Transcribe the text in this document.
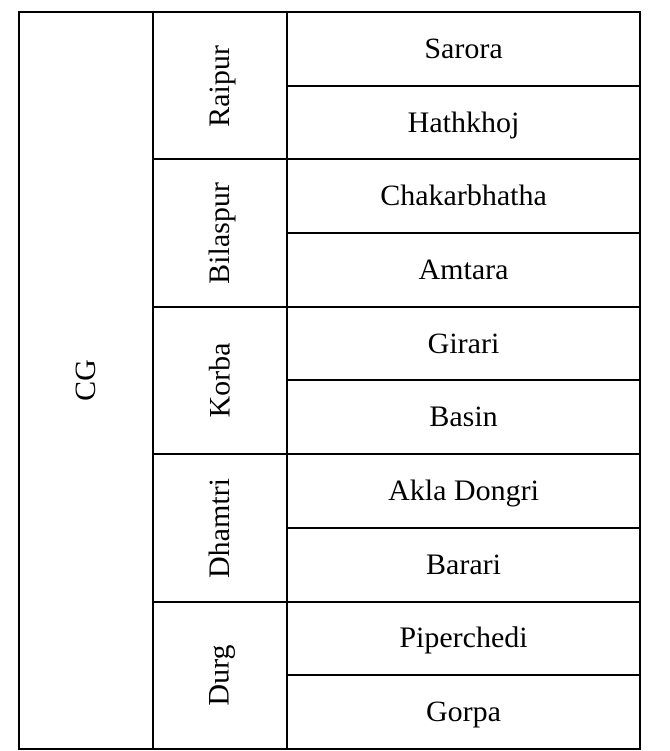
CG	Raipur	Sarora
		Hathkhoj
	Bilaspur	Chakarbhatha
		Amtara
	Korba	Girari
		Basin
	Dhamtri	Akla Dongri
		Barari
	Durg	Piperchedi
		Gorpa
